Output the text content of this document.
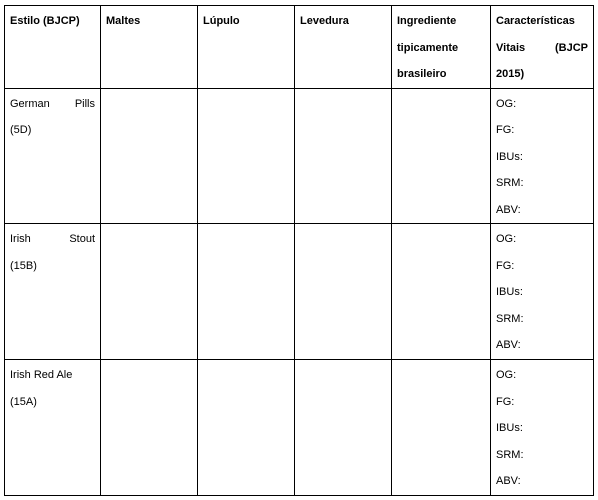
Estilo (BJCP)	Maltes	Lúpulo	Levedura	Ingrediente
tipicamente
brasileiro	Características
Vitais (BJCP
2015)

German Pills
(5D)					OG:
FG:
IBUs:
SRM:
ABV:

Irish Stout
(15B)					OG:
FG:
IBUs:
SRM:
ABV:

Irish Red Ale
(15A)					OG:
FG:
IBUs:
SRM:
ABV:
